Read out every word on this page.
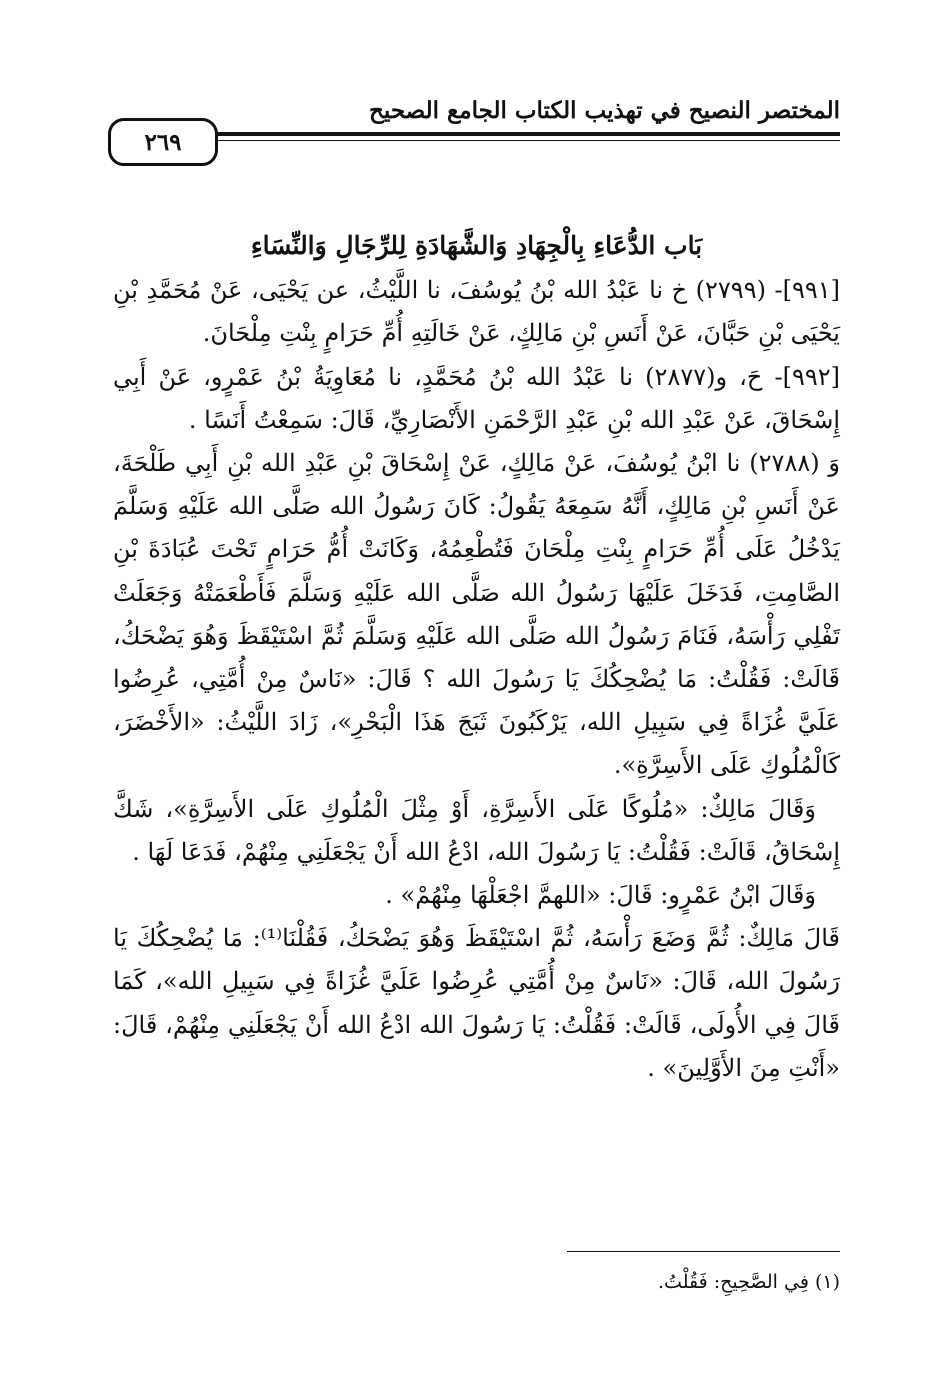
المختصر النصيح في تهذيب الكتاب الجامع الصحيح
٢٦٩
بَاب الدُّعَاءِ بِالْجِهَادِ وَالشَّهَادَةِ لِلرِّجَالِ وَالنِّسَاءِ

[٩٩١]- (٢٧٩٩) خ نا عَبْدُ الله بْنُ يُوسُفَ، نا اللَّيْثُ، عن يَحْيَى، عَنْ مُحَمَّدِ بْنِ يَحْيَى بْنِ حَبَّانَ، عَنْ أَنَسِ بْنِ مَالِكٍ، عَنْ خَالَتِهِ أُمِّ حَرَامٍ بِنْتِ مِلْحَانَ.

[٩٩٢]- حَ، و(٢٨٧٧) نا عَبْدُ الله بْنُ مُحَمَّدٍ، نا مُعَاوِيَةُ بْنُ عَمْرٍو، عَنْ أَبِي إِسْحَاقَ، عَنْ عَبْدِ الله بْنِ عَبْدِ الرَّحْمَنِ الأَنْصَارِيِّ، قَالَ: سَمِعْتُ أَنَسًا .

وَ (٢٧٨٨) نا ابْنُ يُوسُفَ، عَنْ مَالِكٍ، عَنْ إِسْحَاقَ بْنِ عَبْدِ الله بْنِ أَبِي طَلْحَةَ، عَنْ أَنَسِ بْنِ مَالِكٍ، أَنَّهُ سَمِعَهُ يَقُولُ: كَانَ رَسُولُ الله صَلَّى الله عَلَيْهِ وَسَلَّمَ يَدْخُلُ عَلَى أُمِّ حَرَامٍ بِنْتِ مِلْحَانَ فَتُطْعِمُهُ، وَكَانَتْ أُمُّ حَرَامٍ تَحْتَ عُبَادَةَ بْنِ الصَّامِتِ، فَدَخَلَ عَلَيْهَا رَسُولُ الله صَلَّى الله عَلَيْهِ وَسَلَّمَ فَأَطْعَمَتْهُ وَجَعَلَتْ تَفْلِي رَأْسَهُ، فَنَامَ رَسُولُ الله صَلَّى الله عَلَيْهِ وَسَلَّمَ ثُمَّ اسْتَيْقَظَ وَهُوَ يَضْحَكُ، قَالَتْ: فَقُلْتُ: مَا يُضْحِكُكَ يَا رَسُولَ الله ؟ قَالَ: «نَاسٌ مِنْ أُمَّتِي، عُرِضُوا عَلَيَّ غُزَاةً فِي سَبِيلِ الله، يَرْكَبُونَ ثَبَجَ هَذَا الْبَحْرِ»، زَادَ اللَّيْثُ: «الأَخْضَرَ، كَالْمُلُوكِ عَلَى الأَسِرَّةِ».

وَقَالَ مَالِكٌ: «مُلُوكًا عَلَى الأَسِرَّةِ، أَوْ مِثْلَ الْمُلُوكِ عَلَى الأَسِرَّةِ»، شَكَّ إِسْحَاقُ، قَالَتْ: فَقُلْتُ: يَا رَسُولَ الله، ادْعُ الله أَنْ يَجْعَلَنِي مِنْهُمْ، فَدَعَا لَهَا .

وَقَالَ ابْنُ عَمْرٍو: قَالَ: «اللهمَّ اجْعَلْهَا مِنْهُمْ» .

قَالَ مَالِكٌ: ثُمَّ وَضَعَ رَأْسَهُ، ثُمَّ اسْتَيْقَظَ وَهُوَ يَضْحَكُ، فَقُلْنَا⁽¹⁾: مَا يُضْحِكُكَ يَا رَسُولَ الله، قَالَ: «نَاسٌ مِنْ أُمَّتِي عُرِضُوا عَلَيَّ غُزَاةً فِي سَبِيلِ الله»، كَمَا قَالَ فِي الأُولَى، قَالَتْ: فَقُلْتُ: يَا رَسُولَ الله ادْعُ الله أَنْ يَجْعَلَنِي مِنْهُمْ، قَالَ: «أَنْتِ مِنَ الأَوَّلِينَ» .

(١) فِي الصَّحِيحِ: فَقُلْتُ.
